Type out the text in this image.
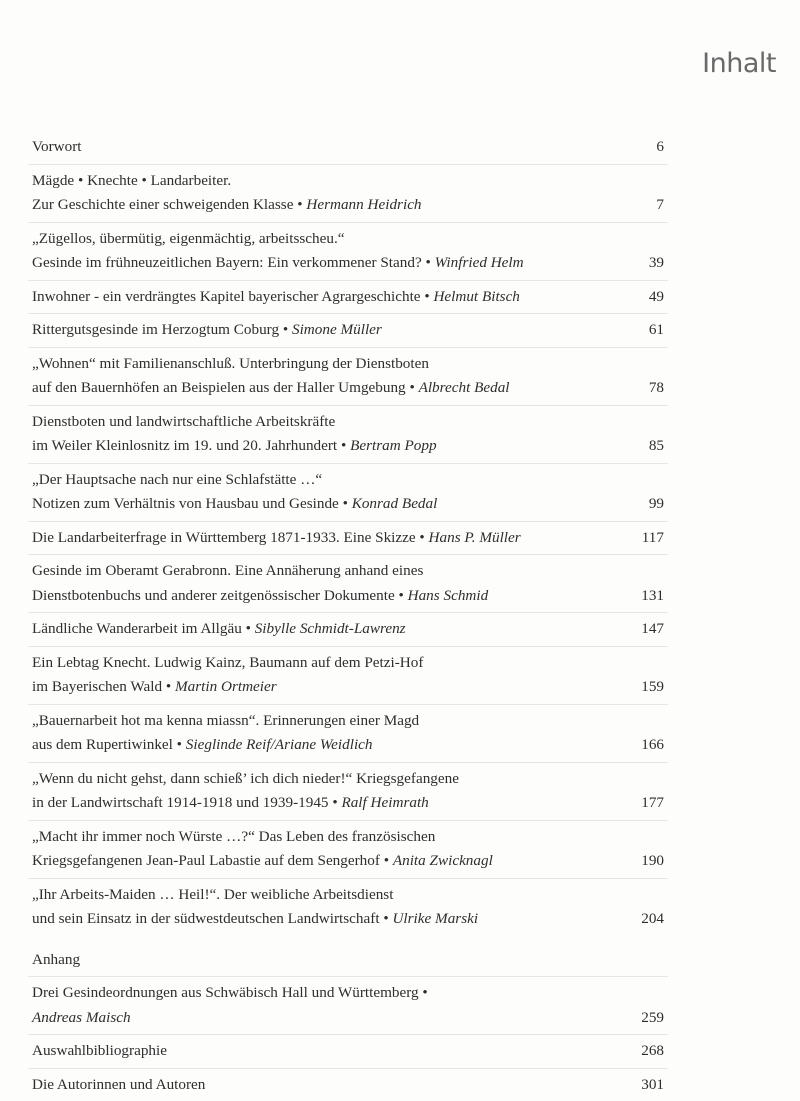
Inhalt
Vorwort	6
Mägde • Knechte • Landarbeiter.
Zur Geschichte einer schweigenden Klasse • Hermann Heidrich	7
„Zügellos, übermütig, eigenmächtig, arbeitsscheu.“
Gesinde im frühneuzeitlichen Bayern: Ein verkommener Stand? • Winfried Helm	39
Inwohner - ein verdrängtes Kapitel bayerischer Agrargeschichte • Helmut Bitsch	49
Rittergutsgesinde im Herzogtum Coburg • Simone Müller	61
„Wohnen“ mit Familienanschluß. Unterbringung der Dienstboten
auf den Bauernhöfen an Beispielen aus der Haller Umgebung • Albrecht Bedal	78
Dienstboten und landwirtschaftliche Arbeitskräfte
im Weiler Kleinlosnitz im 19. und 20. Jahrhundert • Bertram Popp	85
„Der Hauptsache nach nur eine Schlafstätte …“
Notizen zum Verhältnis von Hausbau und Gesinde • Konrad Bedal	99
Die Landarbeiterfrage in Württemberg 1871-1933. Eine Skizze • Hans P. Müller	117
Gesinde im Oberamt Gerabronn. Eine Annäherung anhand eines
Dienstbotenbuchs und anderer zeitgenössischer Dokumente • Hans Schmid	131
Ländliche Wanderarbeit im Allgäu • Sibylle Schmidt-Lawrenz	147
Ein Lebtag Knecht. Ludwig Kainz, Baumann auf dem Petzi-Hof
im Bayerischen Wald • Martin Ortmeier	159
„Bauernarbeit hot ma kenna miassn“. Erinnerungen einer Magd
aus dem Rupertiwinkel • Sieglinde Reif/Ariane Weidlich	166
„Wenn du nicht gehst, dann schieß’ ich dich nieder!“ Kriegsgefangene
in der Landwirtschaft 1914-1918 und 1939-1945 • Ralf Heimrath	177
„Macht ihr immer noch Würste …?“ Das Leben des französischen
Kriegsgefangenen Jean-Paul Labastie auf dem Sengerhof • Anita Zwicknagl	190
„Ihr Arbeits-Maiden … Heil!“. Der weibliche Arbeitsdienst
und sein Einsatz in der südwestdeutschen Landwirtschaft • Ulrike Marski	204
Anhang
Drei Gesindeordnungen aus Schwäbisch Hall und Württemberg •
Andreas Maisch	259
Auswahlbibliographie	268
Die Autorinnen und Autoren	301
